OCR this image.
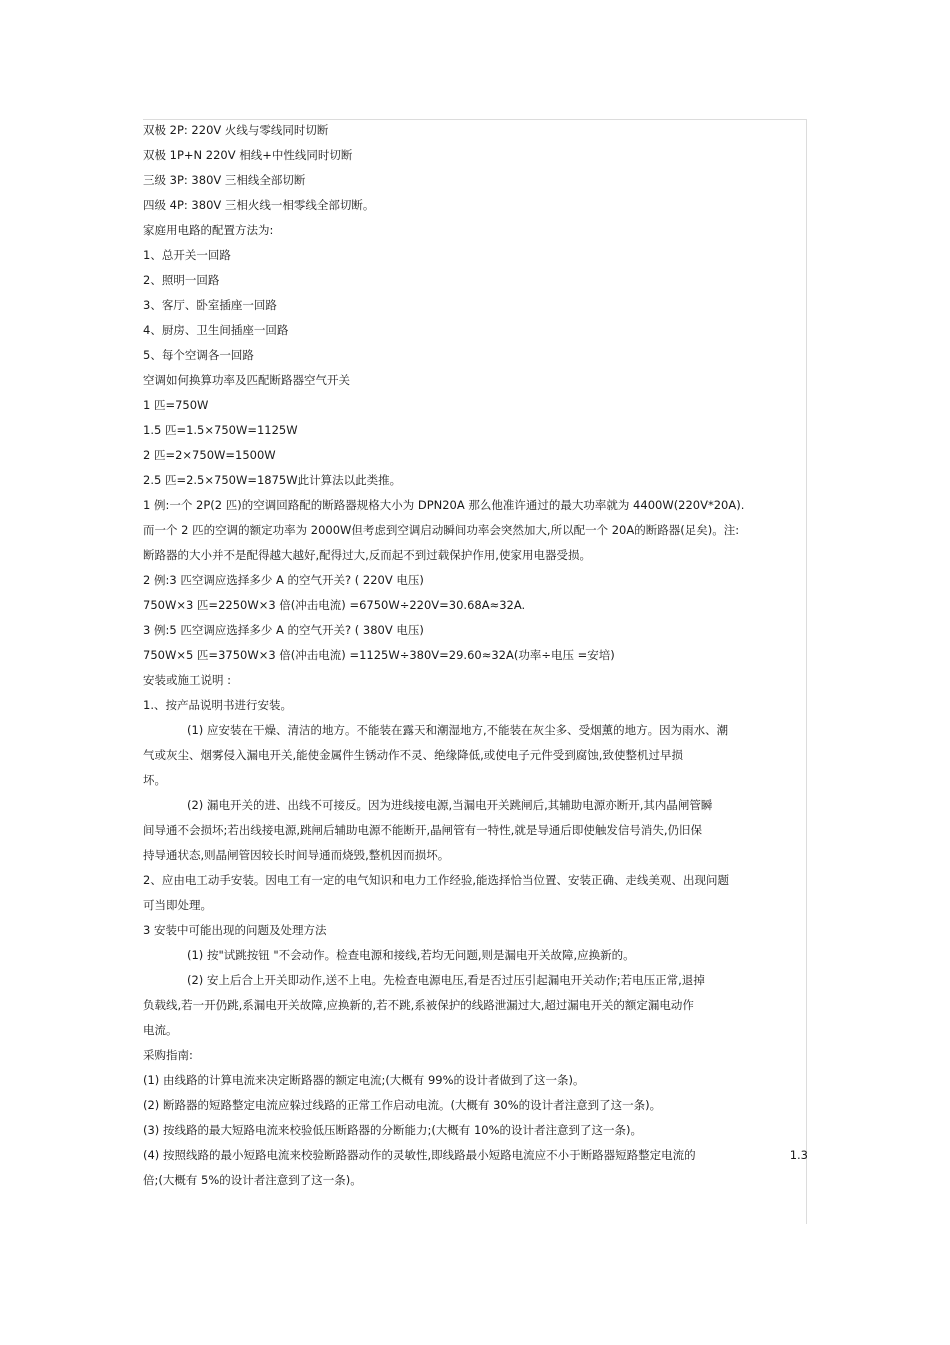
双极 2P: 220V 火线与零线同时切断
双极 1P+N 220V 相线+中性线同时切断
三级 3P: 380V 三相线全部切断
四级 4P: 380V 三相火线一相零线全部切断。
家庭用电路的配置方法为:
1、总开关一回路
2、照明一回路
3、客厅、卧室插座一回路
4、厨房、卫生间插座一回路
5、每个空调各一回路
空调如何换算功率及匹配断路器空气开关
1 匹=750W
1.5 匹=1.5×750W=1125W
2 匹=2×750W=1500W
2.5 匹=2.5×750W=1875W此计算法以此类推。
1 例:一个 2P(2 匹)的空调回路配的断路器规格大小为 DPN20A 那么他准许通过的最大功率就为 4400W(220V*20A).
而一个 2 匹的空调的额定功率为 2000W但考虑到空调启动瞬间功率会突然加大,所以配一个 20A的断路器(足矣)。注:
断路器的大小并不是配得越大越好,配得过大,反而起不到过载保护作用,使家用电器受损。
2 例:3 匹空调应选择多少 A 的空气开关? ( 220V 电压)
750W×3 匹=2250W×3 倍(冲击电流) =6750W÷220V=30.68A≈32A.
3 例:5 匹空调应选择多少 A 的空气开关? ( 380V 电压)
750W×5 匹=3750W×3 倍(冲击电流) =1125W÷380V=29.60≈32A(功率÷电压 =安培)
安装或施工说明 :
1.、按产品说明书进行安装。
(1) 应安装在干燥、清洁的地方。不能装在露天和潮湿地方,不能装在灰尘多、受烟薰的地方。因为雨水、潮
气或灰尘、烟雾侵入漏电开关,能使金属件生锈动作不灵、绝缘降低,或使电子元件受到腐蚀,致使整机过早损
坏。
(2) 漏电开关的进、出线不可接反。因为进线接电源,当漏电开关跳闸后,其辅助电源亦断开,其内晶闸管瞬
间导通不会损坏;若出线接电源,跳闸后辅助电源不能断开,晶闸管有一特性,就是导通后即使触发信号消失,仍旧保
持导通状态,则晶闸管因较长时间导通而烧毁,整机因而损坏。
2、应由电工动手安装。因电工有一定的电气知识和电力工作经验,能选择恰当位置、安装正确、走线美观、出现问题
可当即处理。
3 安装中可能出现的问题及处理方法
(1) 按"试跳按钮 "不会动作。检查电源和接线,若均无问题,则是漏电开关故障,应换新的。
(2) 安上后合上开关即动作,送不上电。先检查电源电压,看是否过压引起漏电开关动作;若电压正常,退掉
负载线,若一开仍跳,系漏电开关故障,应换新的,若不跳,系被保护的线路泄漏过大,超过漏电开关的额定漏电动作
电流。
采购指南:
(1) 由线路的计算电流来决定断路器的额定电流;(大概有 99%的设计者做到了这一条)。
(2) 断路器的短路整定电流应躲过线路的正常工作启动电流。(大概有 30%的设计者注意到了这一条)。
(3) 按线路的最大短路电流来校验低压断路器的分断能力;(大概有 10%的设计者注意到了这一条)。
(4) 按照线路的最小短路电流来校验断路器动作的灵敏性,即线路最小短路电流应不小于断路器短路整定电流的	1.3
倍;(大概有 5%的设计者注意到了这一条)。
